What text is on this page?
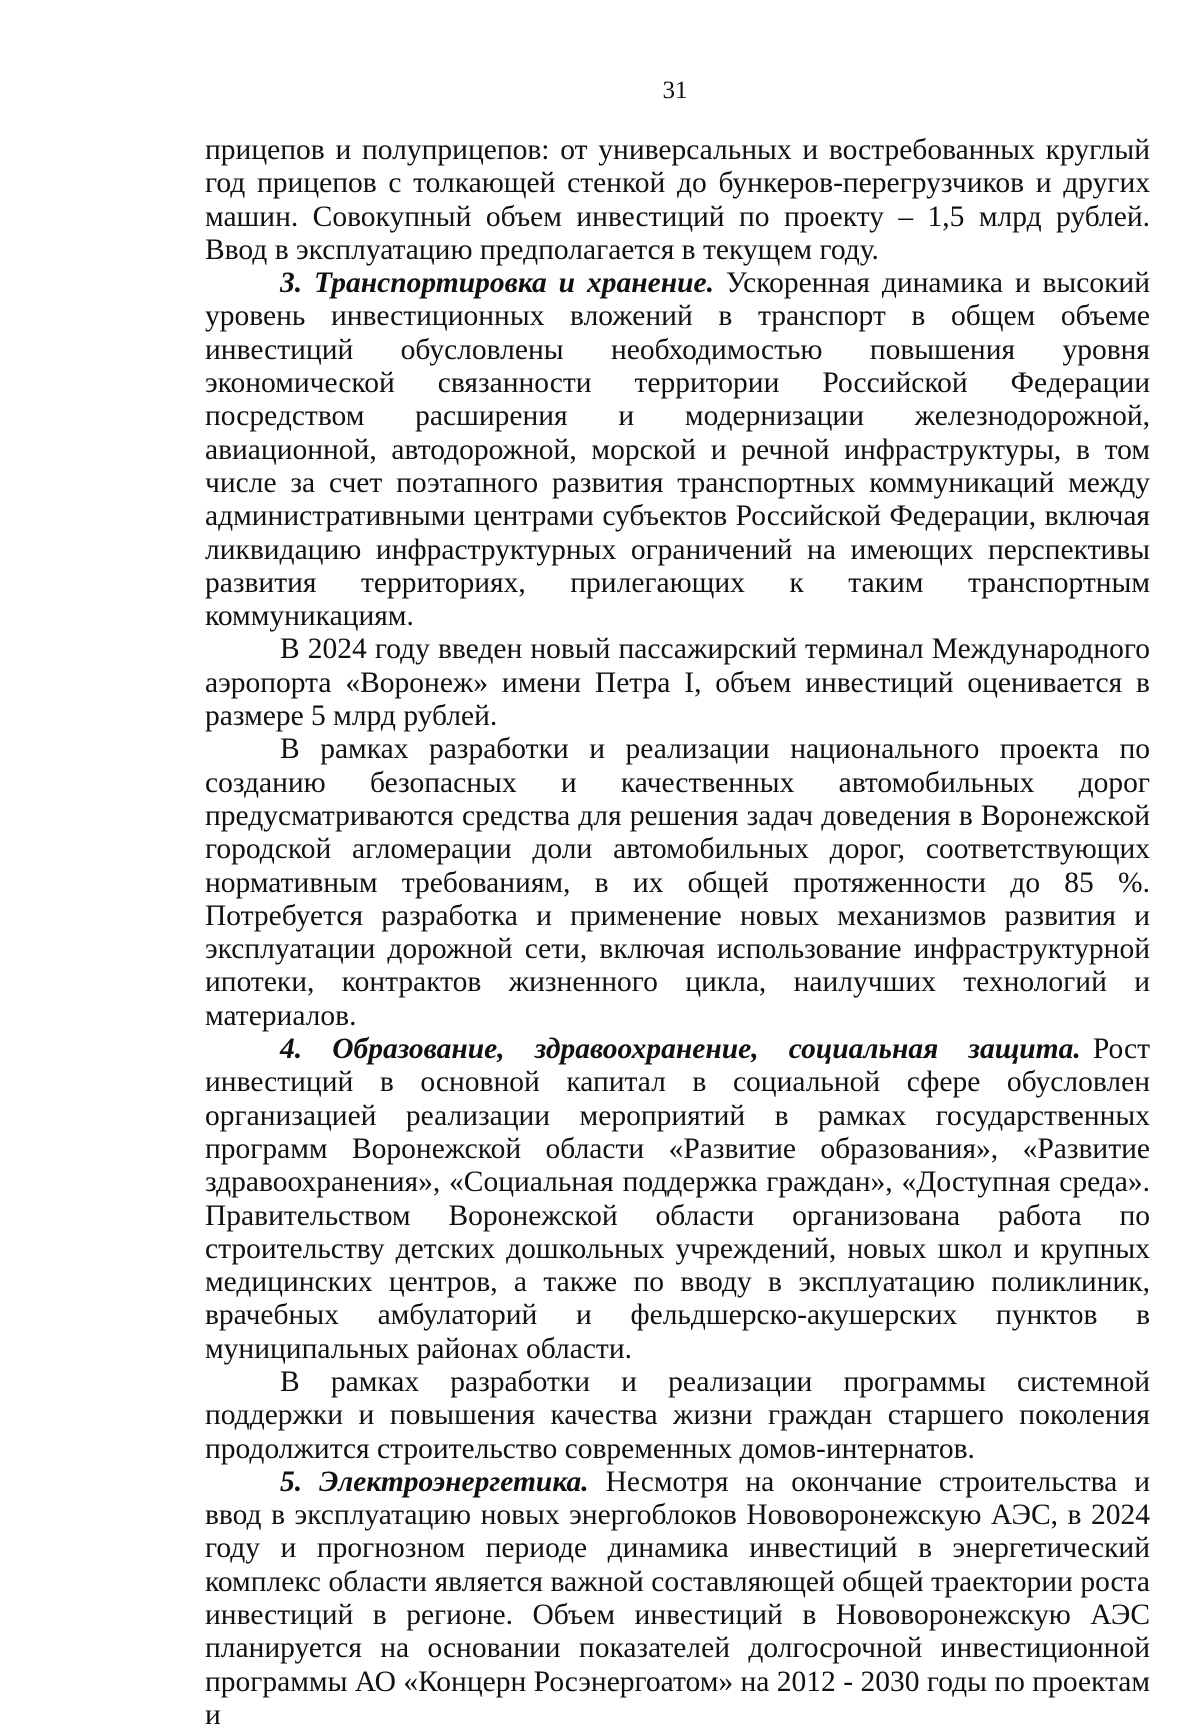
31

прицепов и полуприцепов: от универсальных и востребованных круглый год прицепов с толкающей стенкой до бункеров-перегрузчиков и других машин. Совокупный объем инвестиций по проекту – 1,5 млрд рублей. Ввод в эксплуатацию предполагается в текущем году.

3. Транспортировка и хранение. Ускоренная динамика и высокий уровень инвестиционных вложений в транспорт в общем объеме инвестиций обусловлены необходимостью повышения уровня экономической связанности территории Российской Федерации посредством расширения и модернизации железнодорожной, авиационной, автодорожной, морской и речной инфраструктуры, в том числе за счет поэтапного развития транспортных коммуникаций между административными центрами субъектов Российской Федерации, включая ликвидацию инфраструктурных ограничений на имеющих перспективы развития территориях, прилегающих к таким транспортным коммуникациям.

В 2024 году введен новый пассажирский терминал Международного аэропорта «Воронеж» имени Петра I, объем инвестиций оценивается в размере 5 млрд рублей.

В рамках разработки и реализации национального проекта по созданию безопасных и качественных автомобильных дорог предусматриваются средства для решения задач доведения в Воронежской городской агломерации доли автомобильных дорог, соответствующих нормативным требованиям, в их общей протяженности до 85 %. Потребуется разработка и применение новых механизмов развития и эксплуатации дорожной сети, включая использование инфраструктурной ипотеки, контрактов жизненного цикла, наилучших технологий и материалов.

4. Образование, здравоохранение, социальная защита. Рост инвестиций в основной капитал в социальной сфере обусловлен организацией реализации мероприятий в рамках государственных программ Воронежской области «Развитие образования», «Развитие здравоохранения», «Социальная поддержка граждан», «Доступная среда». Правительством Воронежской области организована работа по строительству детских дошкольных учреждений, новых школ и крупных медицинских центров, а также по вводу в эксплуатацию поликлиник, врачебных амбулаторий и фельдшерско-акушерских пунктов в муниципальных районах области.

В рамках разработки и реализации программы системной поддержки и повышения качества жизни граждан старшего поколения продолжится строительство современных домов-интернатов.

5. Электроэнергетика. Несмотря на окончание строительства и ввод в эксплуатацию новых энергоблоков Нововоронежскую АЭС, в 2024 году и прогнозном периоде динамика инвестиций в энергетический комплекс области является важной составляющей общей траектории роста инвестиций в регионе. Объем инвестиций в Нововоронежскую АЭС планируется на основании показателей долгосрочной инвестиционной программы АО «Концерн Росэнергоатом» на 2012 - 2030 годы по проектам и
